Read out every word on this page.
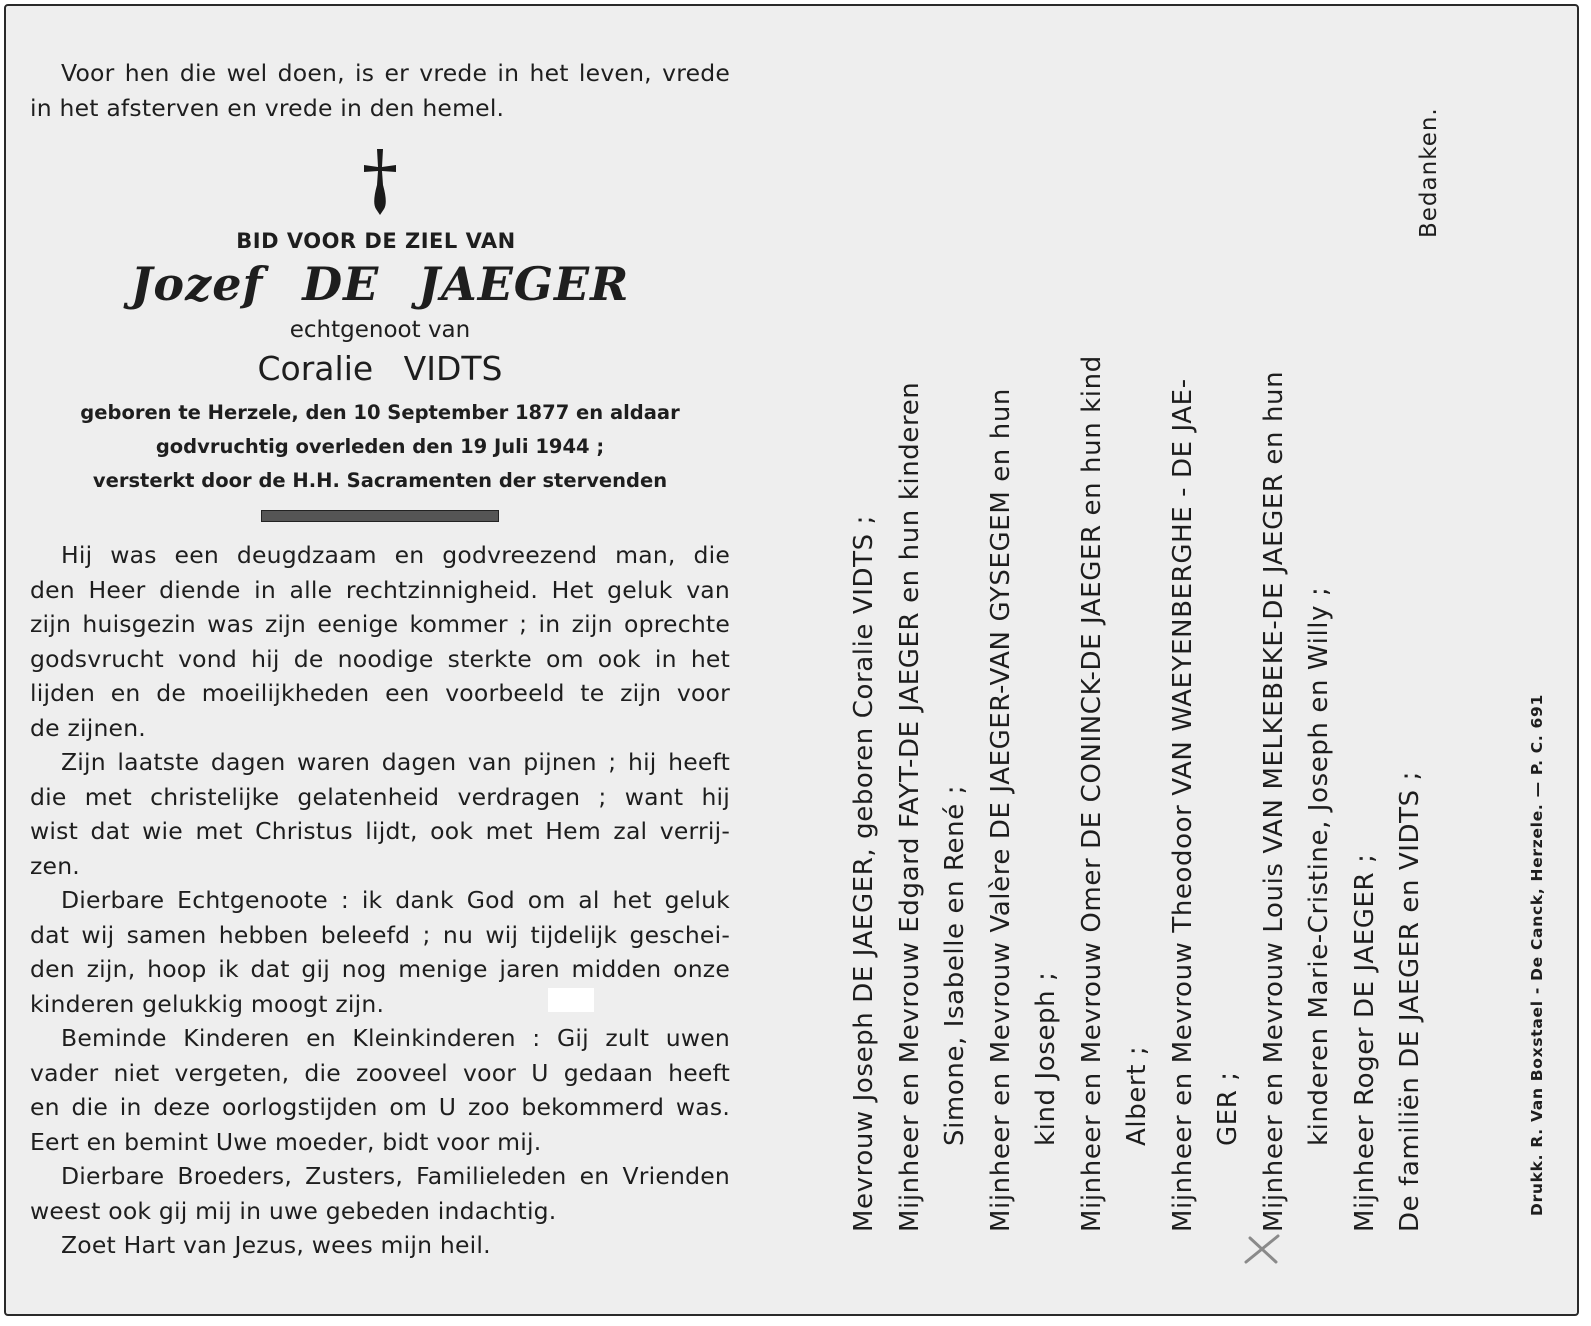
Voor hen die wel doen, is er vrede in het leven, vrede
in het afsterven en vrede in den hemel.
BID VOOR DE ZIEL VAN
Jozef DE JAEGER
echtgenoot van
Coralie VIDTS
geboren te Herzele, den 10 September 1877 en aldaar
godvruchtig overleden den 19 Juli 1944 ;
versterkt door de H.H. Sacramenten der stervenden
Hij was een deugdzaam en godvreezend man, die
den Heer diende in alle rechtzinnigheid. Het geluk van
zijn huisgezin was zijn eenige kommer ; in zijn oprechte
godsvrucht vond hij de noodige sterkte om ook in het
lijden en de moeilijkheden een voorbeeld te zijn voor
de zijnen.
Zijn laatste dagen waren dagen van pijnen ; hij heeft
die met christelijke gelatenheid verdragen ; want hij
wist dat wie met Christus lijdt, ook met Hem zal verrij-
zen.
Dierbare Echtgenoote : ik dank God om al het geluk
dat wij samen hebben beleefd ; nu wij tijdelijk geschei-
den zijn, hoop ik dat gij nog menige jaren midden onze
kinderen gelukkig moogt zijn.
Beminde Kinderen en Kleinkinderen : Gij zult uwen
vader niet vergeten, die zooveel voor U gedaan heeft
en die in deze oorlogstijden om U zoo bekommerd was.
Eert en bemint Uwe moeder, bidt voor mij.
Dierbare Broeders, Zusters, Familieleden en Vrienden
weest ook gij mij in uwe gebeden indachtig.
Zoet Hart van Jezus, wees mijn heil.
Mevrouw Joseph DE JAEGER, geboren Coralie VIDTS ; Mijnheer en Mevrouw Edgard FAYT-DE JAEGER en hun kinderen Simone, Isabelle en René ; Mijnheer en Mevrouw Valère DE JAEGER-VAN GYSEGEM en hun kind Joseph ; Mijnheer en Mevrouw Omer DE CONINCK-DE JAEGER en hun kind Albert ; Mijnheer en Mevrouw Theodoor VAN WAEYENBERGHE - DE JAE- GER ; Mijnheer en Mevrouw Louis VAN MELKEBEKE-DE JAEGER en hun kinderen Marie-Cristine, Joseph en Willy ; Mijnheer Roger DE JAEGER ; De familiën DE JAEGER en VIDTS ;
Bedanken.
Drukk. R. Van Boxstael - De Canck, Herzele. — P. C. 691
